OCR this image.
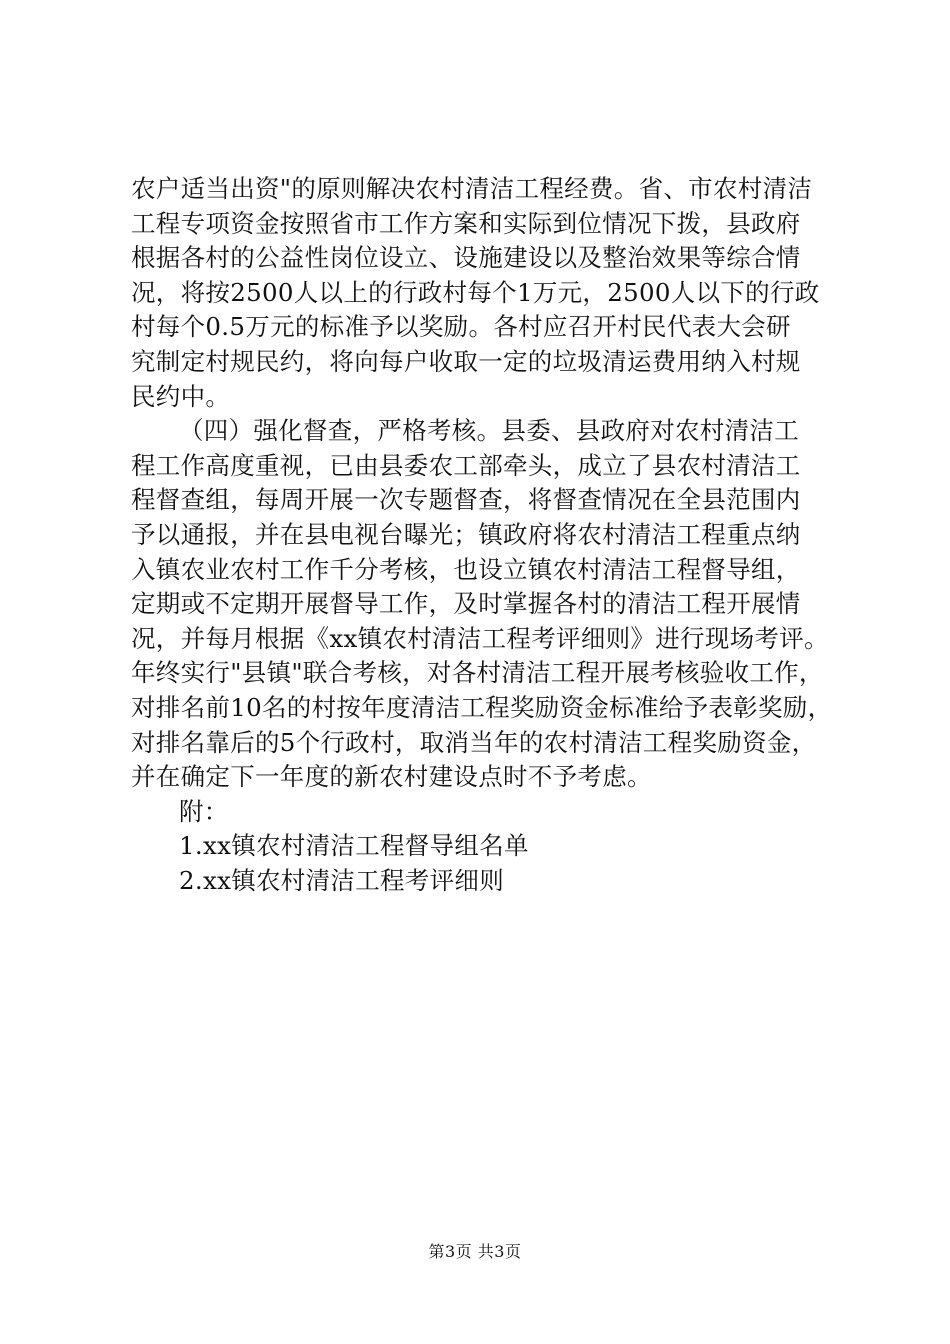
农户适当出资"的原则解决农村清洁工程经费。省、市农村清洁
工程专项资金按照省市工作方案和实际到位情况下拨，县政府
根据各村的公益性岗位设立、设施建设以及整治效果等综合情
况，将按2500人以上的行政村每个1万元，2500人以下的行政
村每个0.5万元的标准予以奖励。各村应召开村民代表大会研
究制定村规民约，将向每户收取一定的垃圾清运费用纳入村规
民约中。
（四）强化督查，严格考核。县委、县政府对农村清洁工
程工作高度重视，已由县委农工部牵头，成立了县农村清洁工
程督查组，每周开展一次专题督查，将督查情况在全县范围内
予以通报，并在县电视台曝光；镇政府将农村清洁工程重点纳
入镇农业农村工作千分考核，也设立镇农村清洁工程督导组，
定期或不定期开展督导工作，及时掌握各村的清洁工程开展情
况，并每月根据《xx镇农村清洁工程考评细则》进行现场考评。
年终实行"县镇"联合考核，对各村清洁工程开展考核验收工作，
对排名前10名的村按年度清洁工程奖励资金标准给予表彰奖励，
对排名靠后的5个行政村，取消当年的农村清洁工程奖励资金，
并在确定下一年度的新农村建设点时不予考虑。
附：
1.xx镇农村清洁工程督导组名单
2.xx镇农村清洁工程考评细则
第3页 共3页
